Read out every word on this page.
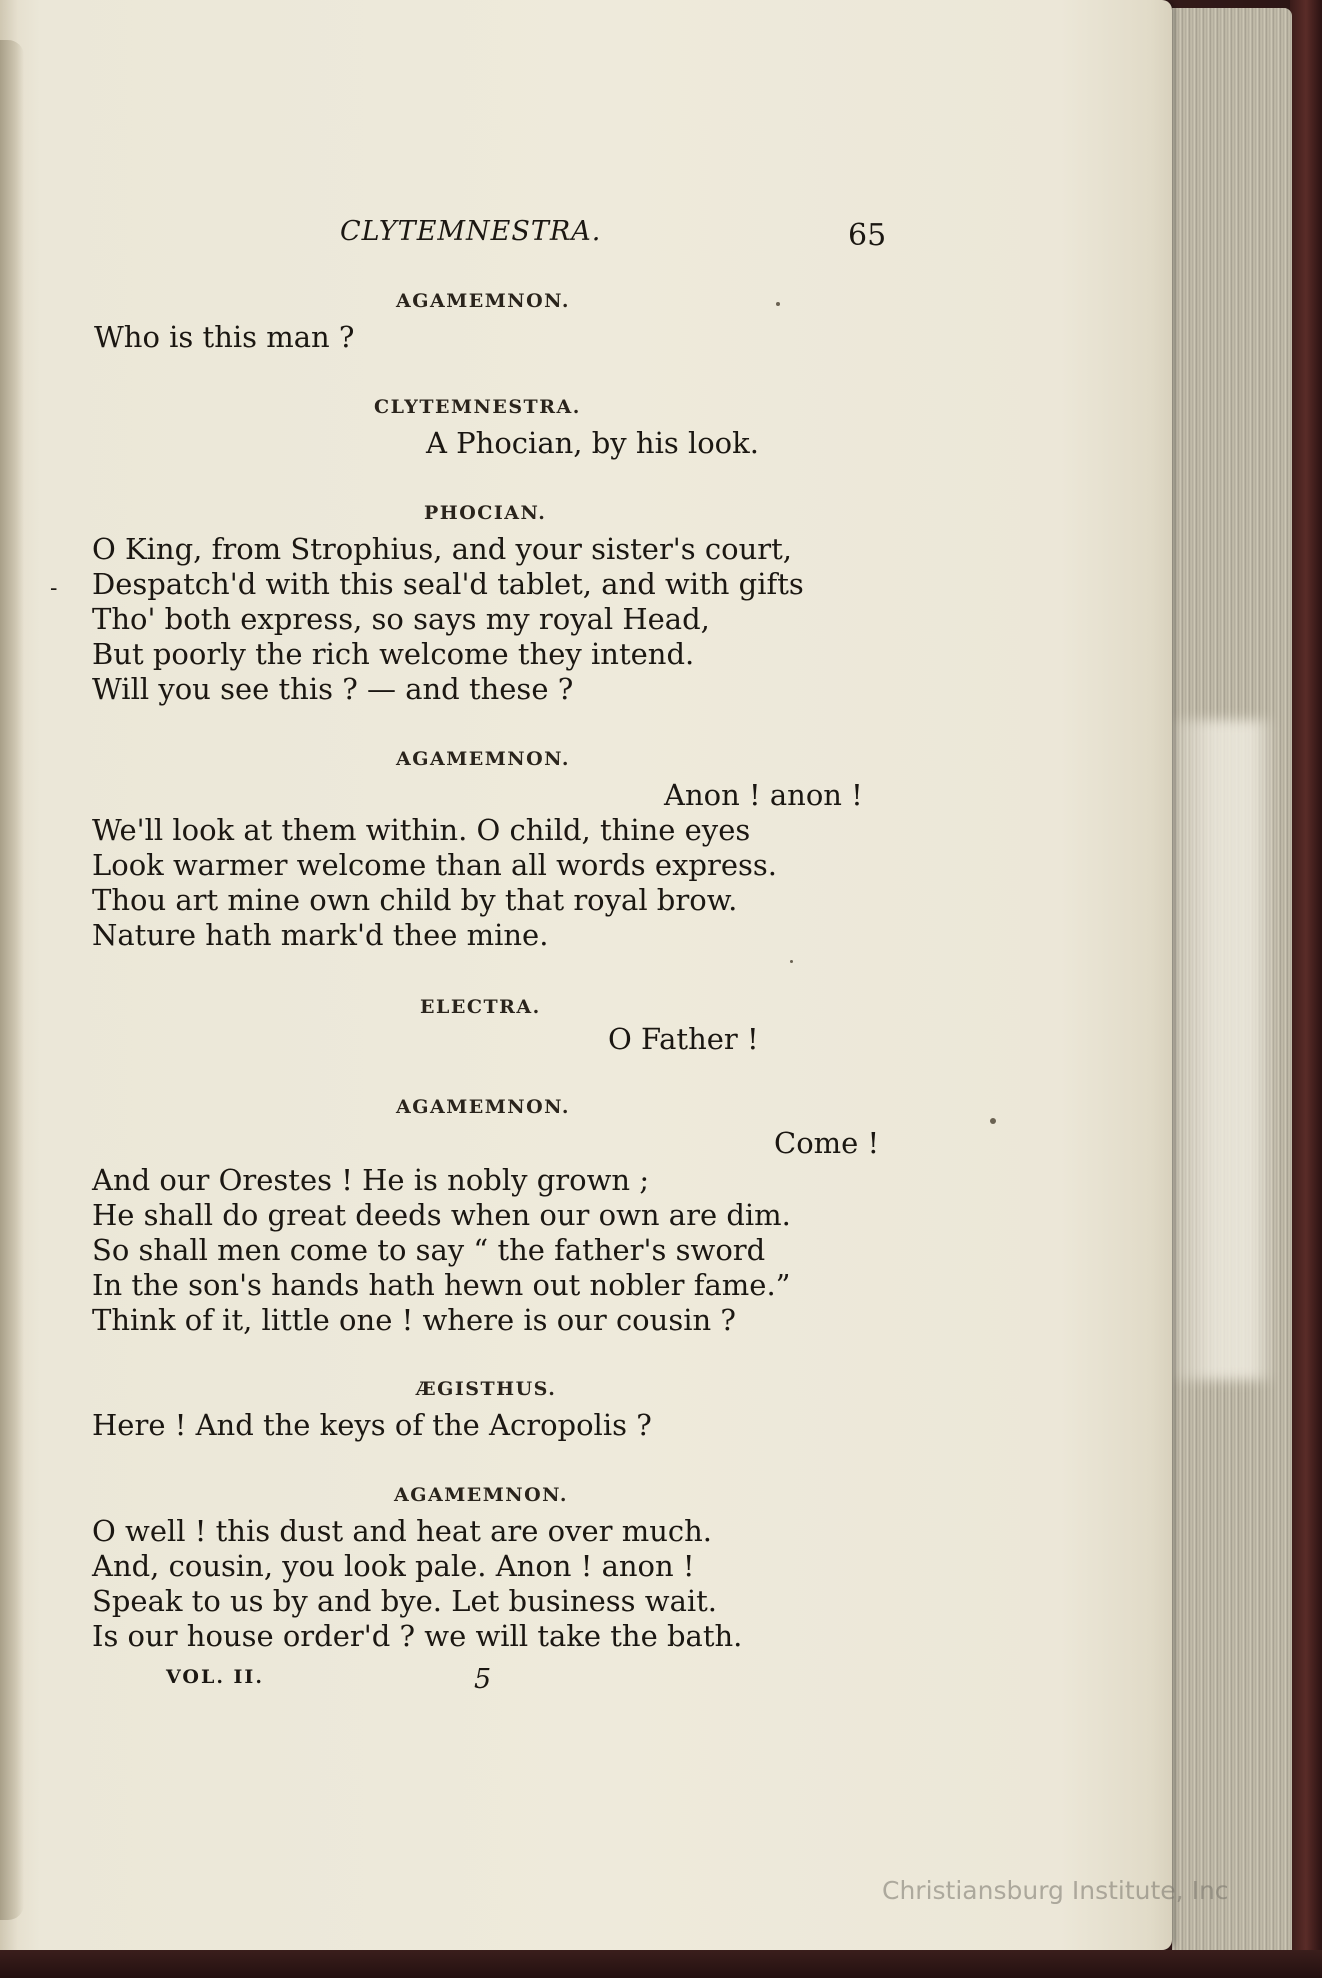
CLYTEMNESTRA.	65
-
AGAMEMNON.
Who is this man ?
CLYTEMNESTRA.
A Phocian, by his look.
PHOCIAN.
O King, from Strophius, and your sister's court,
Despatch'd with this seal'd tablet, and with gifts
Tho' both express, so says my royal Head,
But poorly the rich welcome they intend.
Will you see this ? — and these ?
AGAMEMNON.
Anon ! anon !
We'll look at them within. O child, thine eyes
Look warmer welcome than all words express.
Thou art mine own child by that royal brow.
Nature hath mark'd thee mine.
ELECTRA.
O Father !
AGAMEMNON.
Come !
And our Orestes ! He is nobly grown ;
He shall do great deeds when our own are dim.
So shall men come to say “ the father's sword
In the son's hands hath hewn out nobler fame.”
Think of it, little one ! where is our cousin ?
ÆGISTHUS.
Here ! And the keys of the Acropolis ?
AGAMEMNON.
O well ! this dust and heat are over much.
And, cousin, you look pale. Anon ! anon !
Speak to us by and bye. Let business wait.
Is our house order'd ? we will take the bath.
VOL. II.	5
Christiansburg Institute, Inc
